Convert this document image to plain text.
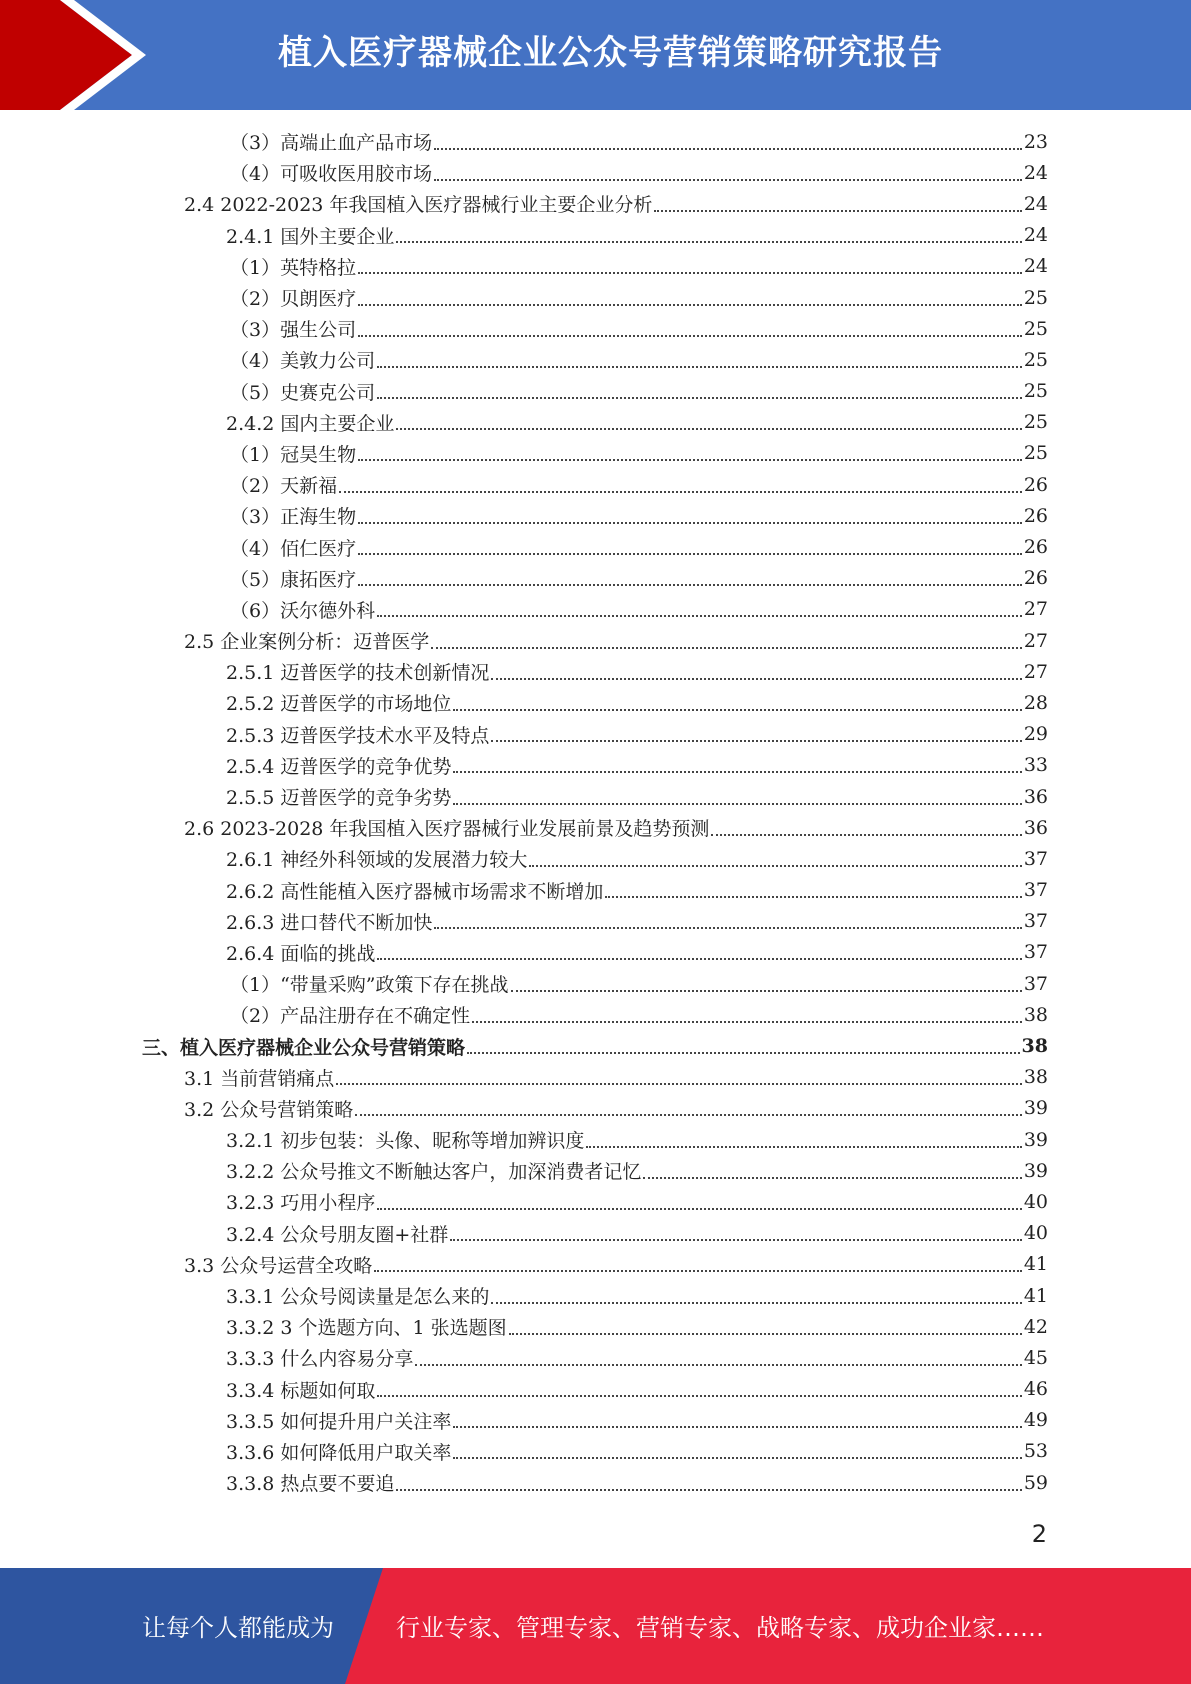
植入医疗器械企业公众号营销策略研究报告
（3）高端止血产品市场	23
（4）可吸收医用胶市场	24
2.4 2022-2023 年我国植入医疗器械行业主要企业分析	24
2.4.1 国外主要企业	24
（1）英特格拉	24
（2）贝朗医疗	25
（3）强生公司	25
（4）美敦力公司	25
（5）史赛克公司	25
2.4.2 国内主要企业	25
（1）冠昊生物	25
（2）天新福	26
（3）正海生物	26
（4）佰仁医疗	26
（5）康拓医疗	26
（6）沃尔德外科	27
2.5 企业案例分析：迈普医学	27
2.5.1 迈普医学的技术创新情况	27
2.5.2 迈普医学的市场地位	28
2.5.3 迈普医学技术水平及特点	29
2.5.4 迈普医学的竞争优势	33
2.5.5 迈普医学的竞争劣势	36
2.6 2023-2028 年我国植入医疗器械行业发展前景及趋势预测	36
2.6.1 神经外科领域的发展潜力较大	37
2.6.2 高性能植入医疗器械市场需求不断增加	37
2.6.3 进口替代不断加快	37
2.6.4 面临的挑战	37
（1）“带量采购”政策下存在挑战	37
（2）产品注册存在不确定性	38
三、植入医疗器械企业公众号营销策略	38
3.1 当前营销痛点	38
3.2 公众号营销策略	39
3.2.1 初步包装：头像、昵称等增加辨识度	39
3.2.2 公众号推文不断触达客户，加深消费者记忆	39
3.2.3 巧用小程序	40
3.2.4 公众号朋友圈+社群	40
3.3 公众号运营全攻略	41
3.3.1 公众号阅读量是怎么来的	41
3.3.2 3 个选题方向、1 张选题图	42
3.3.3 什么内容易分享	45
3.3.4 标题如何取	46
3.3.5 如何提升用户关注率	49
3.3.6 如何降低用户取关率	53
3.3.8 热点要不要追	59
2
让每个人都能成为	行业专家、管理专家、营销专家、战略专家、成功企业家……
